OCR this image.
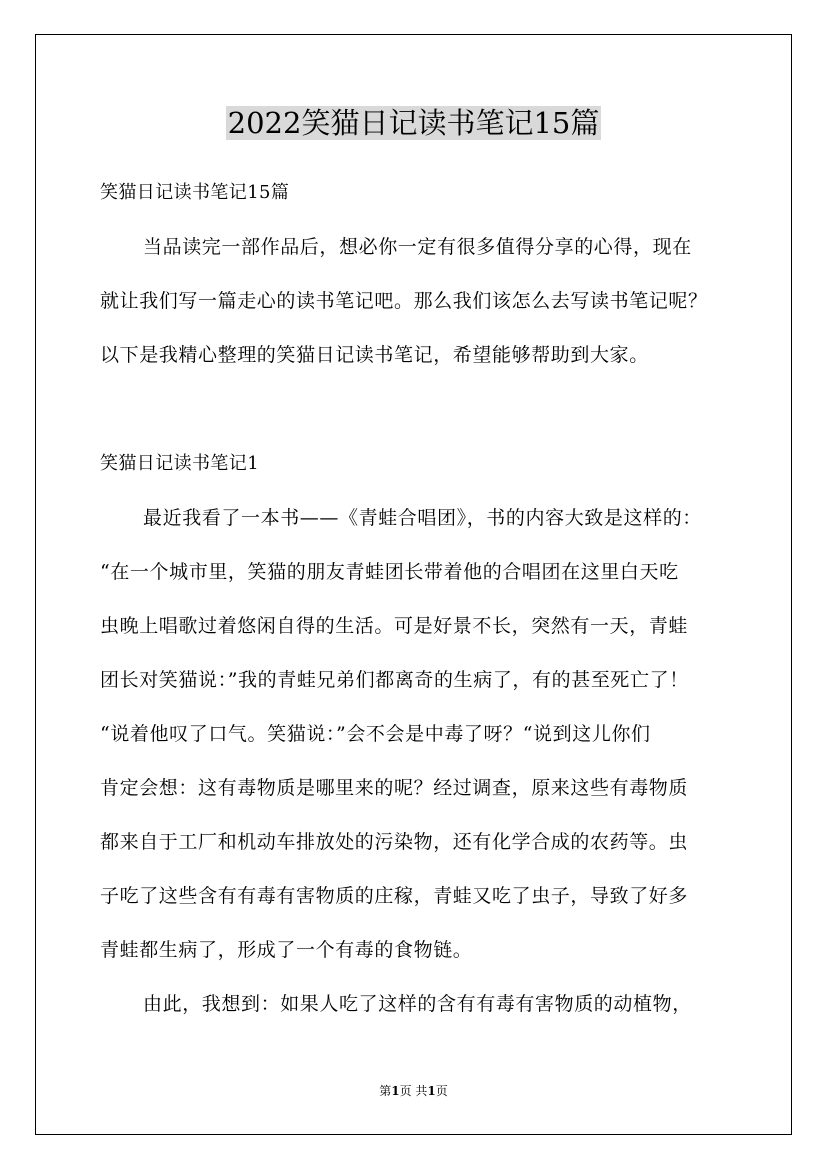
2022笑猫日记读书笔记15篇
笑猫日记读书笔记15篇
当品读完一部作品后，想必你一定有很多值得分享的心得，现在
就让我们写一篇走心的读书笔记吧。那么我们该怎么去写读书笔记呢？
以下是我精心整理的笑猫日记读书笔记，希望能够帮助到大家。
笑猫日记读书笔记1
最近我看了一本书——《青蛙合唱团》，书的内容大致是这样的：
“在一个城市里，笑猫的朋友青蛙团长带着他的合唱团在这里白天吃
虫晚上唱歌过着悠闲自得的生活。可是好景不长，突然有一天，青蛙
团长对笑猫说：”我的青蛙兄弟们都离奇的生病了，有的甚至死亡了！
“说着他叹了口气。笑猫说：”会不会是中毒了呀？“说到这儿你们
肯定会想：这有毒物质是哪里来的呢？经过调查，原来这些有毒物质
都来自于工厂和机动车排放处的污染物，还有化学合成的农药等。虫
子吃了这些含有有毒有害物质的庄稼，青蛙又吃了虫子，导致了好多
青蛙都生病了，形成了一个有毒的食物链。
由此，我想到：如果人吃了这样的含有有毒有害物质的动植物，
第1页 共1页
